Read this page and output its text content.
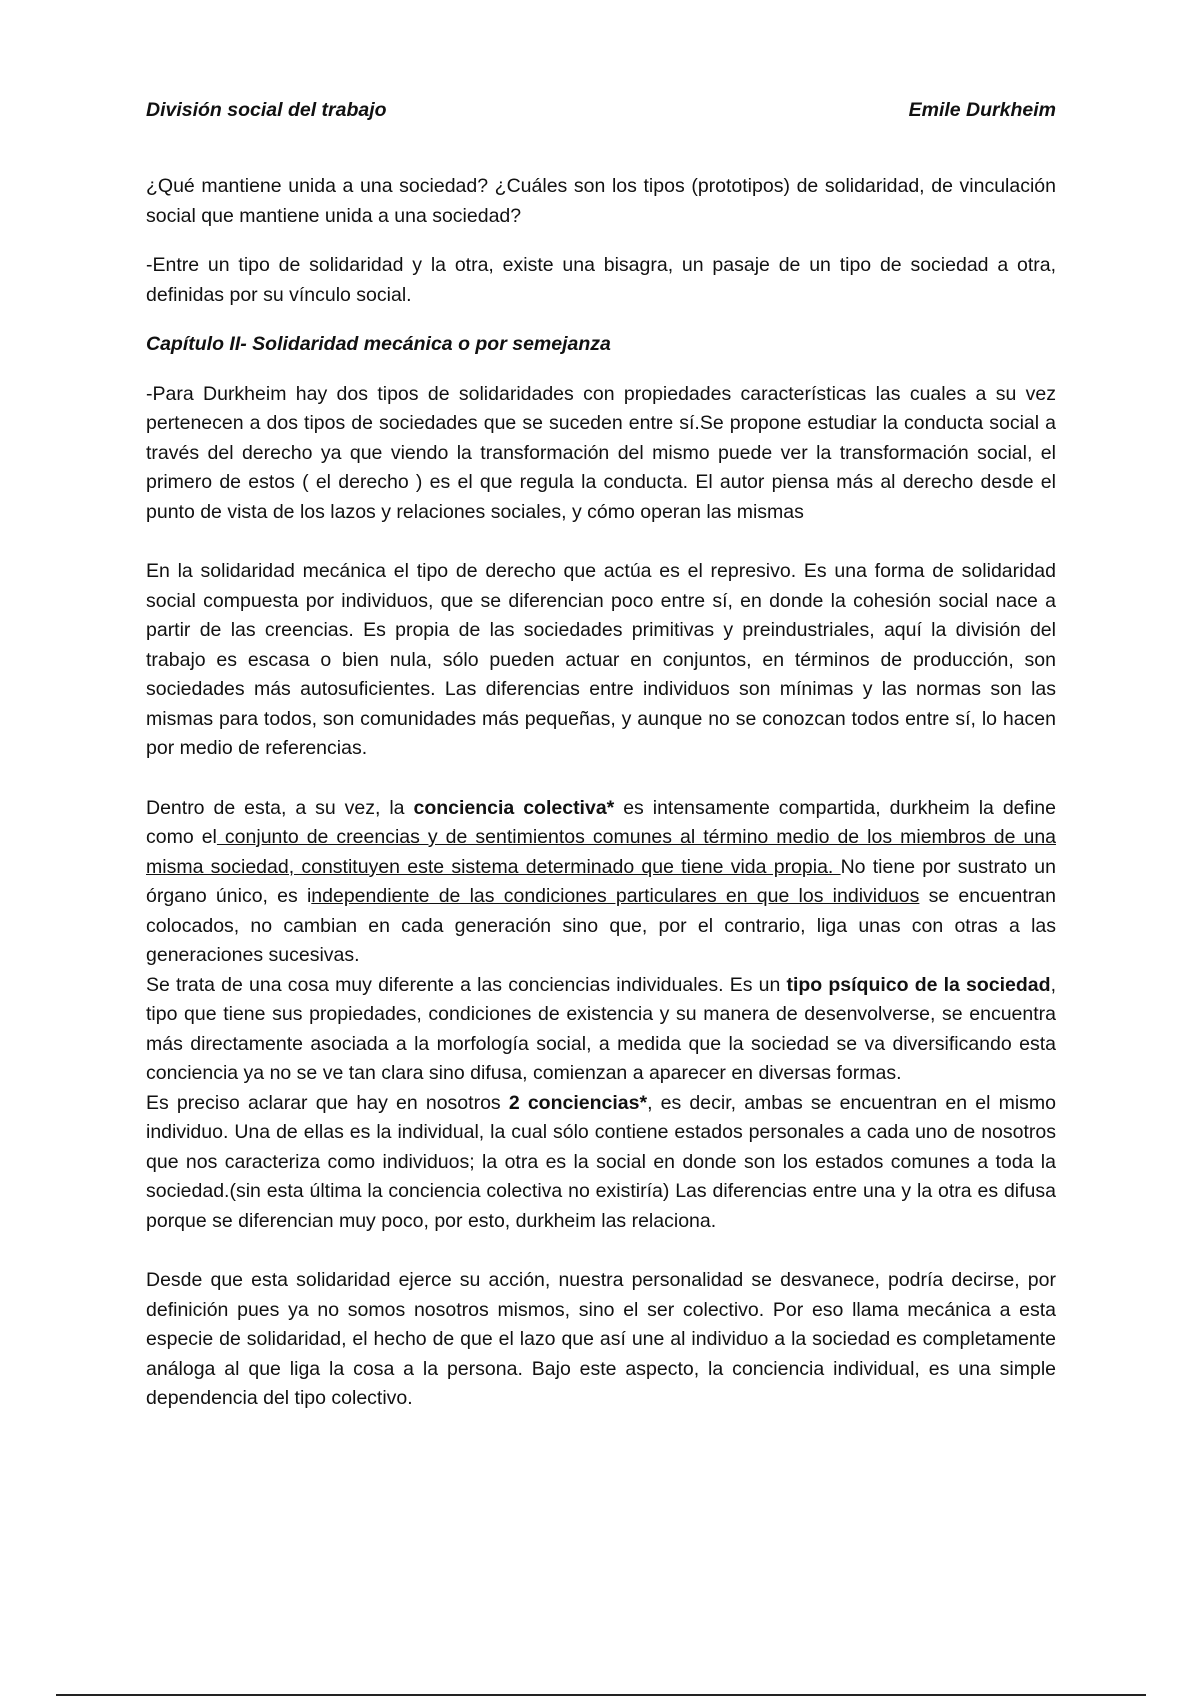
División social del trabajo	Emile Durkheim

¿Qué mantiene unida a una sociedad? ¿Cuáles son los tipos (prototipos) de solidaridad, de vinculación social que mantiene unida a una sociedad?

-Entre un tipo de solidaridad y la otra, existe una bisagra, un pasaje de un tipo de sociedad a otra, definidas por su vínculo social.

Capítulo II- Solidaridad mecánica o por semejanza

-Para Durkheim hay dos tipos de solidaridades con propiedades características las cuales a su vez pertenecen a dos tipos de sociedades que se suceden entre sí.Se propone estudiar la conducta social a través del derecho ya que viendo la transformación del mismo puede ver la transformación social, el primero de estos ( el derecho ) es el que regula la conducta. El autor piensa más al derecho desde el punto de vista de los lazos y relaciones sociales, y cómo operan las mismas

En la solidaridad mecánica el tipo de derecho que actúa es el represivo. Es una forma de solidaridad social compuesta por individuos, que se diferencian poco entre sí, en donde la cohesión social nace a partir de las creencias. Es propia de las sociedades primitivas y preindustriales, aquí la división del trabajo es escasa o bien nula, sólo pueden actuar en conjuntos, en términos de producción, son sociedades más autosuficientes. Las diferencias entre individuos son mínimas y las normas son las mismas para todos, son comunidades más pequeñas, y aunque no se conozcan todos entre sí, lo hacen por medio de referencias.

Dentro de esta, a su vez, la conciencia colectiva* es intensamente compartida, durkheim la define como el conjunto de creencias y de sentimientos comunes al término medio de los miembros de una misma sociedad, constituyen este sistema determinado que tiene vida propia. No tiene por sustrato un órgano único, es independiente de las condiciones particulares en que los individuos se encuentran colocados, no cambian en cada generación sino que, por el contrario, liga unas con otras a las generaciones sucesivas.

Se trata de una cosa muy diferente a las conciencias individuales. Es un tipo psíquico de la sociedad, tipo que tiene sus propiedades, condiciones de existencia y su manera de desenvolverse, se encuentra más directamente asociada a la morfología social, a medida que la sociedad se va diversificando esta conciencia ya no se ve tan clara sino difusa, comienzan a aparecer en diversas formas.

Es preciso aclarar que hay en nosotros 2 conciencias*, es decir, ambas se encuentran en el mismo individuo. Una de ellas es la individual, la cual sólo contiene estados personales a cada uno de nosotros que nos caracteriza como individuos; la otra es la social en donde son los estados comunes a toda la sociedad.(sin esta última la conciencia colectiva no existiría) Las diferencias entre una y la otra es difusa porque se diferencian muy poco, por esto, durkheim las relaciona.

Desde que esta solidaridad ejerce su acción, nuestra personalidad se desvanece, podría decirse, por definición pues ya no somos nosotros mismos, sino el ser colectivo. Por eso llama mecánica a esta especie de solidaridad, el hecho de que el lazo que así une al individuo a la sociedad es completamente análoga al que liga la cosa a la persona. Bajo este aspecto, la conciencia individual, es una simple dependencia del tipo colectivo.
